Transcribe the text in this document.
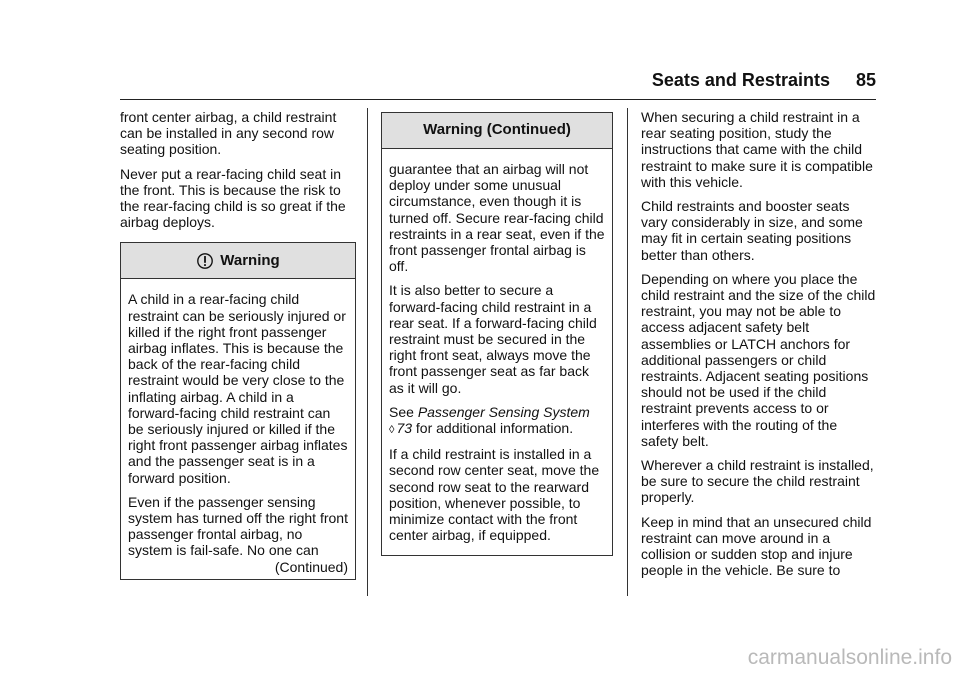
Seats and Restraints 85

front center airbag, a child restraint can be installed in any second row seating position.

Never put a rear-facing child seat in the front. This is because the risk to the rear-facing child is so great if the airbag deploys.

Warning

A child in a rear-facing child restraint can be seriously injured or killed if the right front passenger airbag inflates. This is because the back of the rear-facing child restraint would be very close to the inflating airbag. A child in a forward-facing child restraint can be seriously injured or killed if the right front passenger airbag inflates and the passenger seat is in a forward position.

Even if the passenger sensing system has turned off the right front passenger frontal airbag, no system is fail-safe. No one can

(Continued)
Warning (Continued)

guarantee that an airbag will not deploy under some unusual circumstance, even though it is turned off. Secure rear-facing child restraints in a rear seat, even if the front passenger frontal airbag is off.

It is also better to secure a forward-facing child restraint in a rear seat. If a forward-facing child restraint must be secured in the right front seat, always move the front passenger seat as far back as it will go.

See Passenger Sensing System
◊ 73 for additional information.

If a child restraint is installed in a second row center seat, move the second row seat to the rearward position, whenever possible, to minimize contact with the front center airbag, if equipped.

When securing a child restraint in a rear seating position, study the instructions that came with the child restraint to make sure it is compatible with this vehicle.

Child restraints and booster seats vary considerably in size, and some may fit in certain seating positions better than others.

Depending on where you place the child restraint and the size of the child restraint, you may not be able to access adjacent safety belt assemblies or LATCH anchors for additional passengers or child restraints. Adjacent seating positions should not be used if the child restraint prevents access to or interferes with the routing of the safety belt.

Wherever a child restraint is installed, be sure to secure the child restraint properly.

Keep in mind that an unsecured child restraint can move around in a collision or sudden stop and injure people in the vehicle. Be sure to

carmanualsonline.info
